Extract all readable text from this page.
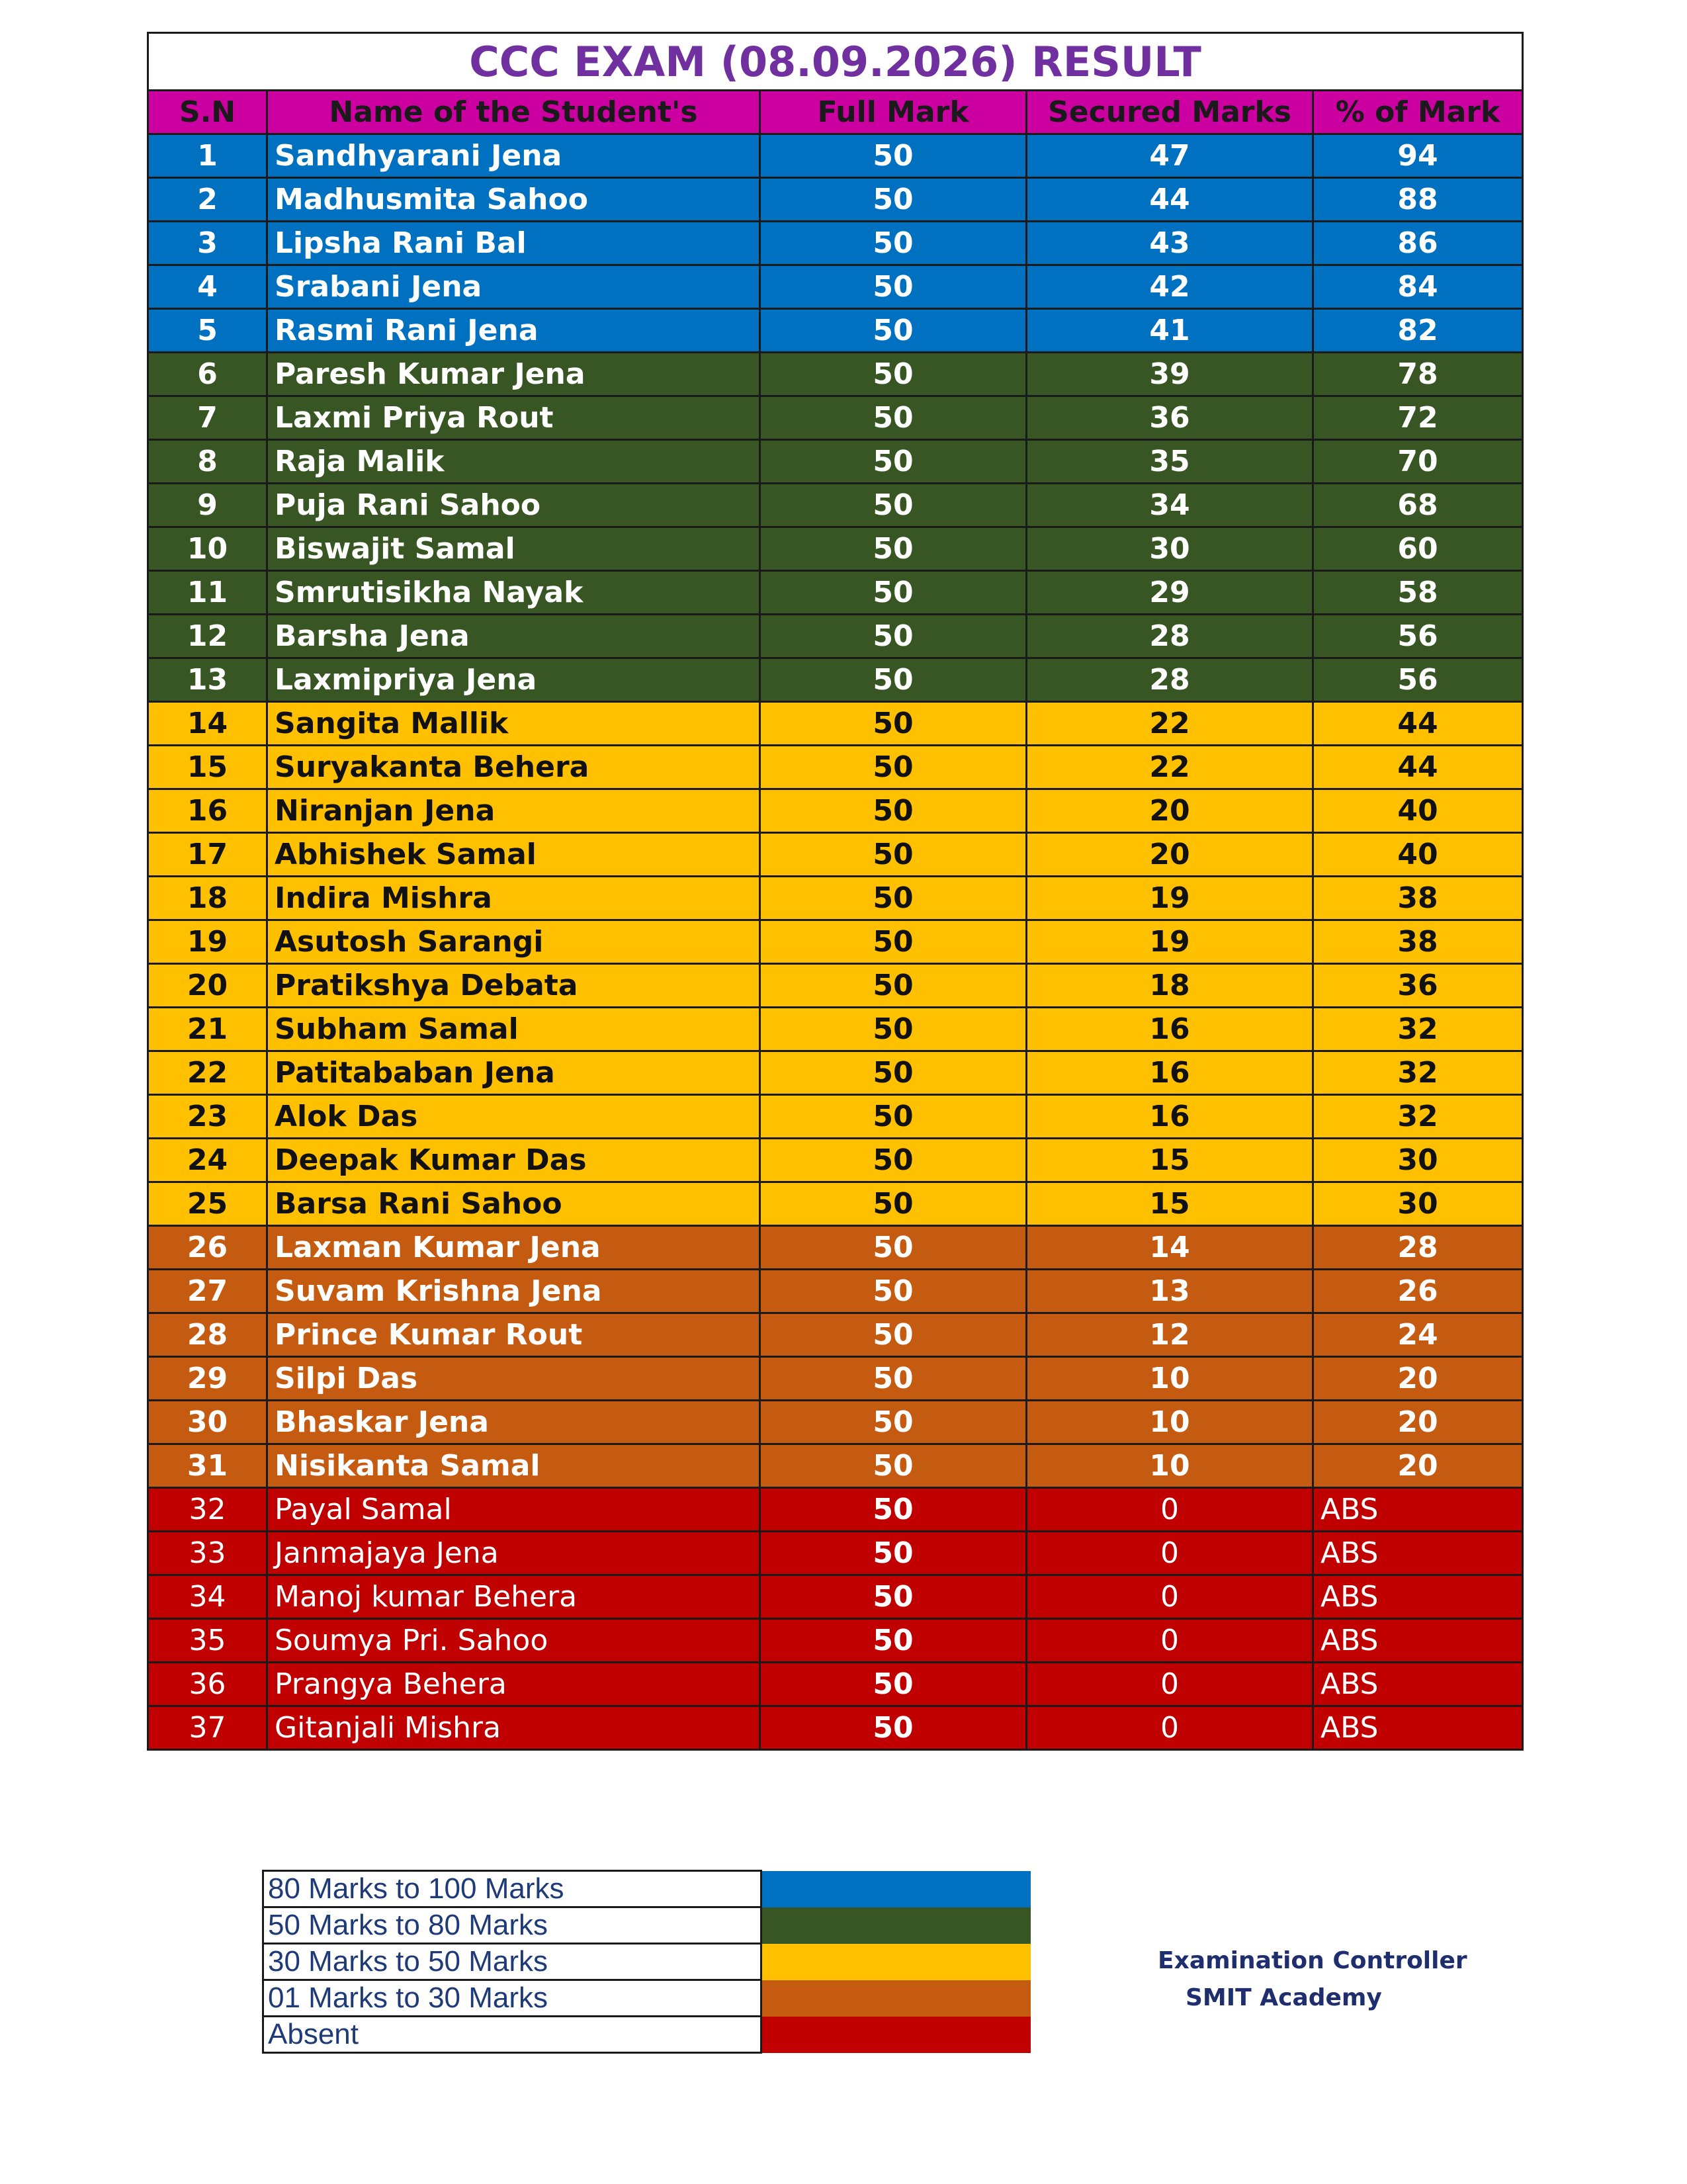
CCC EXAM (08.09.2026) RESULT				
S.N	Name of the Student's	Full Mark	Secured Marks	% of Mark
1	Sandhyarani Jena	50	47	94
2	Madhusmita Sahoo	50	44	88
3	Lipsha Rani Bal	50	43	86
4	Srabani Jena	50	42	84
5	Rasmi Rani Jena	50	41	82
6	Paresh Kumar Jena	50	39	78
7	Laxmi Priya Rout	50	36	72
8	Raja Malik	50	35	70
9	Puja Rani Sahoo	50	34	68
10	Biswajit Samal	50	30	60
11	Smrutisikha Nayak	50	29	58
12	Barsha Jena	50	28	56
13	Laxmipriya Jena	50	28	56
14	Sangita Mallik	50	22	44
15	Suryakanta Behera	50	22	44
16	Niranjan Jena	50	20	40
17	Abhishek Samal	50	20	40
18	Indira Mishra	50	19	38
19	Asutosh Sarangi	50	19	38
20	Pratikshya Debata	50	18	36
21	Subham Samal	50	16	32
22	Patitababan Jena	50	16	32
23	Alok Das	50	16	32
24	Deepak Kumar Das	50	15	30
25	Barsa Rani Sahoo	50	15	30
26	Laxman Kumar Jena	50	14	28
27	Suvam Krishna Jena	50	13	26
28	Prince Kumar Rout	50	12	24
29	Silpi Das	50	10	20
30	Bhaskar Jena	50	10	20
31	Nisikanta Samal	50	10	20
32	Payal Samal	50	0	ABS
33	Janmajaya Jena	50	0	ABS
34	Manoj kumar Behera	50	0	ABS
35	Soumya Pri. Sahoo	50	0	ABS
36	Prangya Behera	50	0	ABS
37	Gitanjali Mishra	50	0	ABS
80 Marks to 100 Marks	
50 Marks to 80 Marks	
30 Marks to 50 Marks	
01 Marks to 30 Marks	
Absent	
Examination Controller
SMIT Academy
